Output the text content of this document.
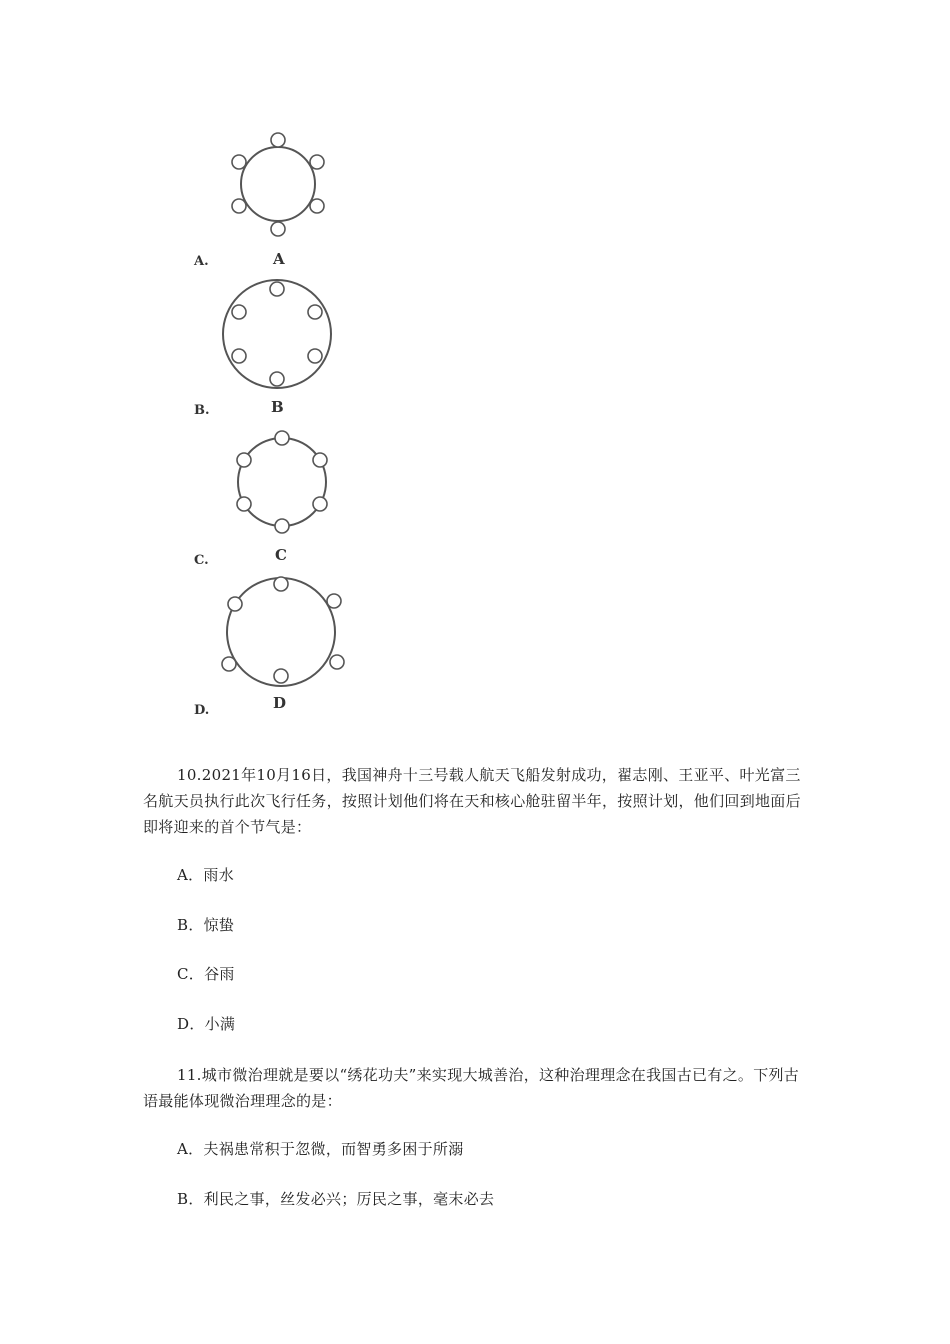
A
A.
B
B.
C
C.
D
D.
10.2021年10月16日，我国神舟十三号载人航天飞船发射成功，翟志刚、王亚平、叶光富三名航天员执行此次飞行任务，按照计划他们将在天和核心舱驻留半年，按照计划，他们回到地面后即将迎来的首个节气是：
A．雨水
B．惊蛰
C．谷雨
D．小满
11.城市微治理就是要以“绣花功夫”来实现大城善治，这种治理理念在我国古已有之。下列古语最能体现微治理理念的是：
A．夫祸患常积于忽微，而智勇多困于所溺
B．利民之事，丝发必兴；厉民之事，毫末必去
